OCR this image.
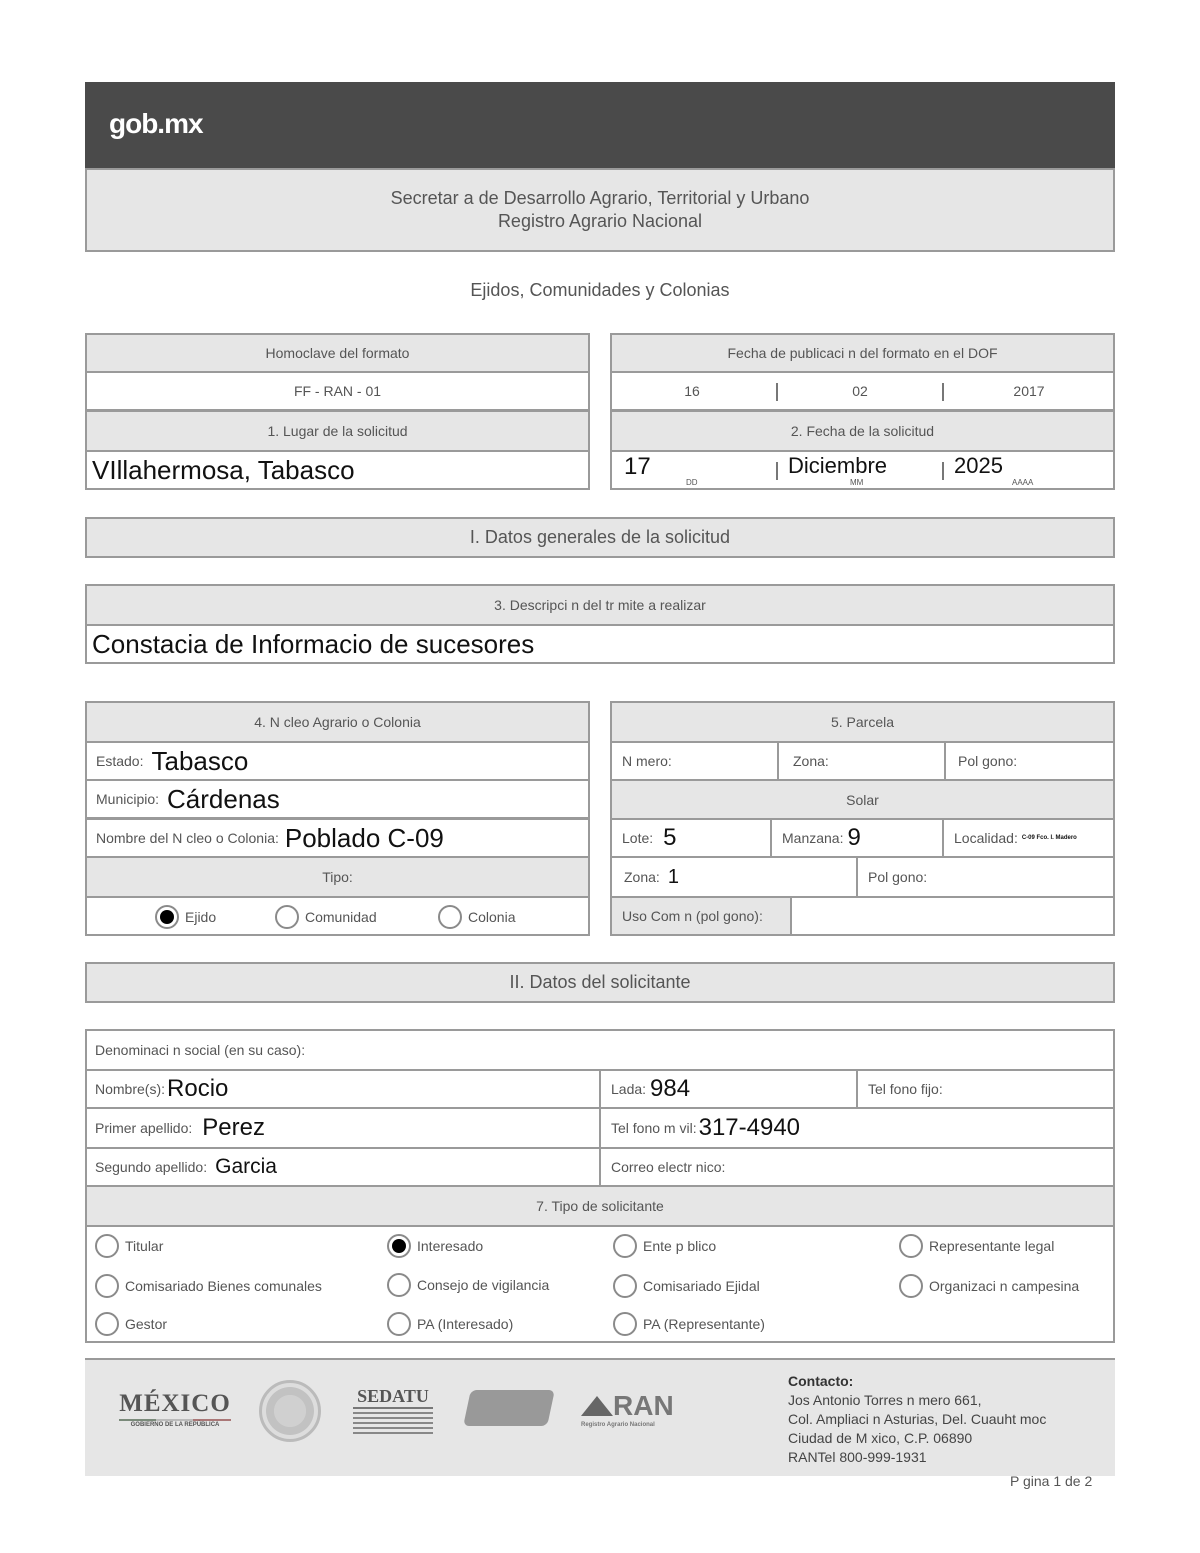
gob.mx
Secretar a de Desarrollo Agrario, Territorial y Urbano
Registro Agrario Nacional
Ejidos, Comunidades y Colonias
Homoclave del formato
FF - RAN - 01
Fecha de publicaci n del formato en el DOF
16	02	2017
1. Lugar de la solicitud
VIllahermosa, Tabasco
2. Fecha de la solicitud
17
DD
Diciembre
MM
2025
AAAA
I. Datos generales de la solicitud
3. Descripci n del tr mite a realizar
Constacia de Informacio de sucesores
4. N cleo Agrario o Colonia
Estado: Tabasco
Municipio: Cárdenas
Nombre del N cleo o Colonia: Poblado C-09
Tipo:
Ejido	Comunidad	Colonia
5. Parcela
N mero:	Zona:	Pol gono:
Solar
Lote: 5	Manzana: 9	Localidad: C-09 Fco. I. Madero
Zona: 1	Pol gono:
Uso Com n (pol gono):
II. Datos del solicitante
Denominaci n social (en su caso):
Nombre(s): Rocio	Lada: 984	Tel fono fijo:
Primer apellido: Perez	Tel fono m vil: 317-4940
Segundo apellido: Garcia	Correo electr nico:
7. Tipo de solicitante
Titular	Interesado	Ente p blico	Representante legal
Comisariado Bienes comunales	Consejo de vigilancia	Comisariado Ejidal	Organizaci n campesina
Gestor	PA (Interesado)	PA (Representante)
MÉXICO
GOBIERNO DE LA REPÚBLICA
SEDATU	RAN
Registro Agrario Nacional
Contacto:
Jos Antonio Torres n mero 661,
Col. Ampliaci n Asturias, Del. Cuauht moc
Ciudad de M xico, C.P. 06890
RANTel 800-999-1931
P gina 1 de 2
